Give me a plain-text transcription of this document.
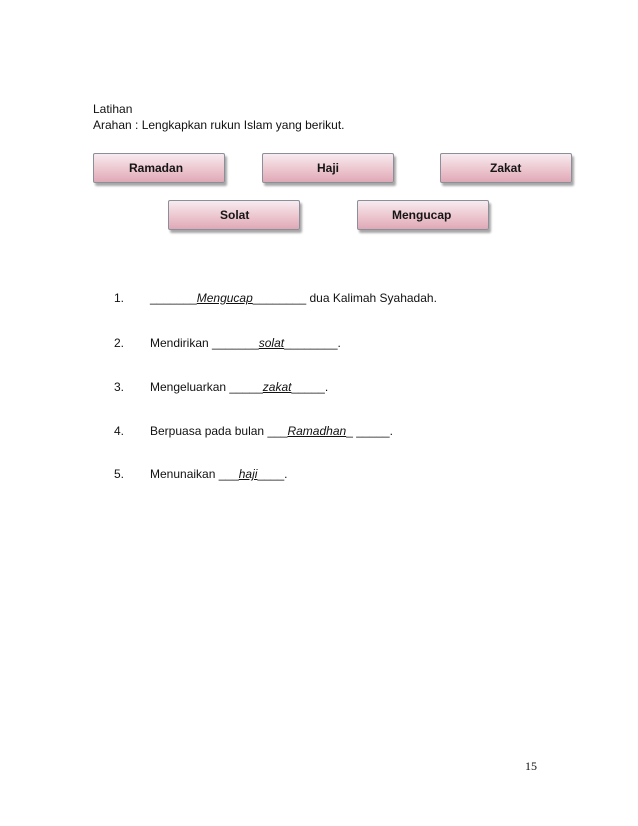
Latihan
Arahan : Lengkapkan rukun Islam yang berikut.
Ramadan	Haji	Zakat
Solat	Mengucap
1. _______Mengucap________ dua Kalimah Syahadah.
2. Mendirikan _______solat________.
3. Mengeluarkan _____zakat_____.
4. Berpuasa pada bulan ___Ramadhan_ _____.
5. Menunaikan ___haji____.
15
